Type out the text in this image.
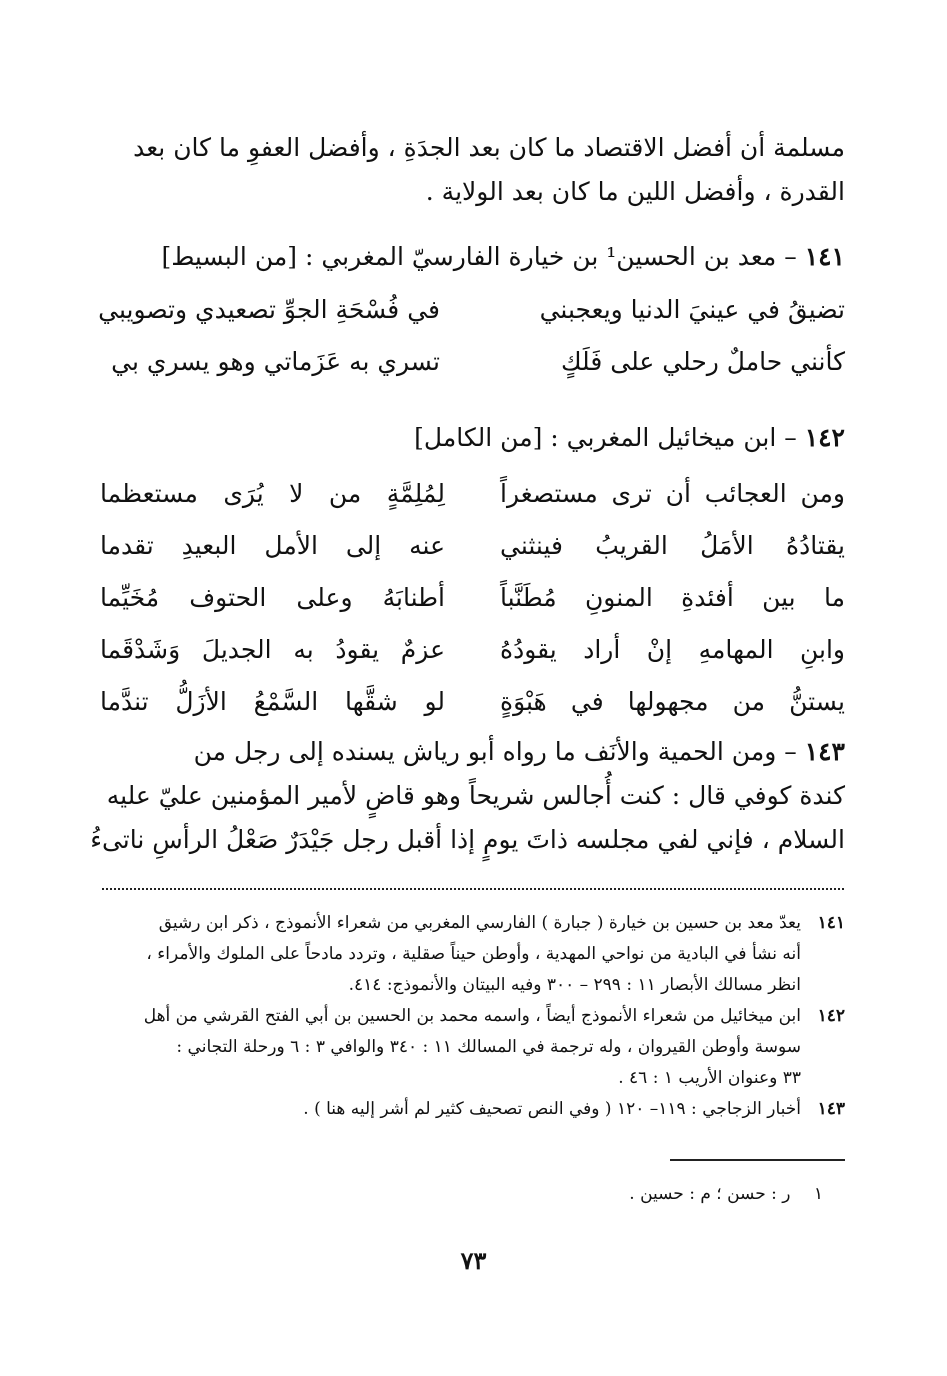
مسلمة أن أفضل الاقتصاد ما كان بعد الجدَةِ ، وأفضل العفوِ ما كان بعد
القدرة ، وأفضل اللين ما كان بعد الولاية .
١٤١ – معد بن الحسين¹ بن خيارة الفارسيّ المغربي : [من البسيط]
تضيقُ في عينيَ الدنيا ويعجبني
في فُسْحَةِ الجوِّ تصعيدي وتصويبي
كأنني حاملٌ رحلي على فَلَكٍ
تسري به عَزَماتي وهو يسري بي
١٤٢ – ابن ميخائيل المغربي : [من الكامل]
ومن العجائب أن ترى مستصغراً
لِمُلِمَّةٍ من لا يُرَى مستعظما
يقتادُهُ الأمَلُ القريبُ فينثني
عنه إلى الأمل البعيدِ تقدما
ما بين أفئدةِ المنونِ مُطَنَّباً
أطنابَهُ وعلى الحتوف مُخَيِّما
وابنِ المهامهِ إنْ أراد يقودُهُ
عزمٌ يقودُ به الجديلَ وَشَدْقَما
يستنُّ من مجهولها في هَبْوَةٍ
لو شقَّها السَّمْعُ الأزَلُّ تندَّما
١٤٣ – ومن الحمية والأنَف ما رواه أبو رياش يسنده إلى رجل من
كندة كوفي قال : كنت أُجالس شريحاً وهو قاضٍ لأمير المؤمنين عليّ عليه
السلام ، فإني لفي مجلسه ذاتَ يومٍ إذا أقبل رجل جَيْدَرٌ صَعْلُ الرأسِ ناتىءُ
١٤١
يعدّ معد بن حسين بن خيارة ( جبارة ) الفارسي المغربي من شعراء الأنموذج ، ذكر ابن رشيق
أنه نشأ في البادية من نواحي المهدية ، وأوطن حيناً صقلية ، وتردد مادحاً على الملوك والأمراء ،
انظر مسالك الأبصار ١١ : ٢٩٩ – ٣٠٠ وفيه البيتان والأنموذج: ٤١٤.
١٤٢
ابن ميخائيل من شعراء الأنموذج أيضاً ، واسمه محمد بن الحسين بن أبي الفتح القرشي من أهل
سوسة وأوطن القيروان ، وله ترجمة في المسالك ١١ : ٣٤٠ والوافي ٣ : ٦ ورحلة التجاني :
٣٣ وعنوان الأريب ١ : ٤٦ .
١٤٣
أخبار الزجاجي : ١١٩– ١٢٠ ( وفي النص تصحيف كثير لم أشر إليه هنا ) .
١ ر : حسن ؛ م : حسين .
٧٣
